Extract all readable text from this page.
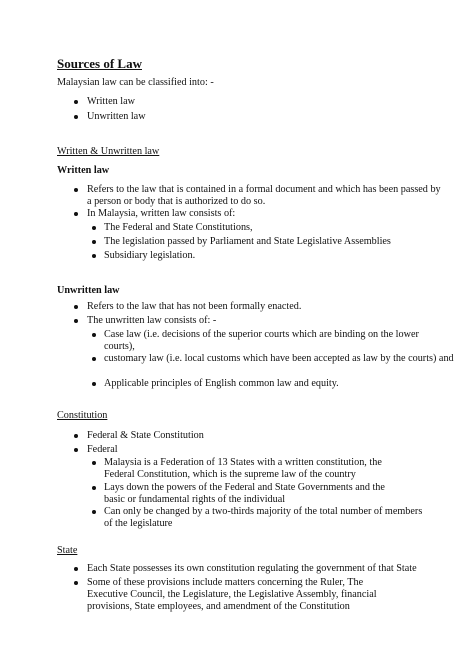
Sources of Law
Malaysian law can be classified into: -
Written law
Unwritten law
Written & Unwritten law
Written law
Refers to the law that is contained in a formal document and which has been passed by a person or body that is authorized to do so.
In Malaysia, written law consists of:
The Federal and State Constitutions,
The legislation passed by Parliament and State Legislative Assemblies
Subsidiary legislation.
Unwritten law
Refers to the law that has not been formally enacted.
The unwritten law consists of: -
Case law (i.e. decisions of the superior courts which are binding on the lower courts),
customary law (i.e. local customs which have been accepted as law by the courts) and
Applicable principles of English common law and equity.
Constitution
Federal & State Constitution
Federal
Malaysia is a Federation of 13 States with a written constitution, the Federal Constitution, which is the supreme law of the country
Lays down the powers of the Federal and State Governments and the basic or fundamental rights of the individual
Can only be changed by a two-thirds majority of the total number of members of the legislature
State
Each State possesses its own constitution regulating the government of that State
Some of these provisions include matters concerning the Ruler, The Executive Council, the Legislature, the Legislative Assembly, financial provisions, State employees, and amendment of the Constitution
